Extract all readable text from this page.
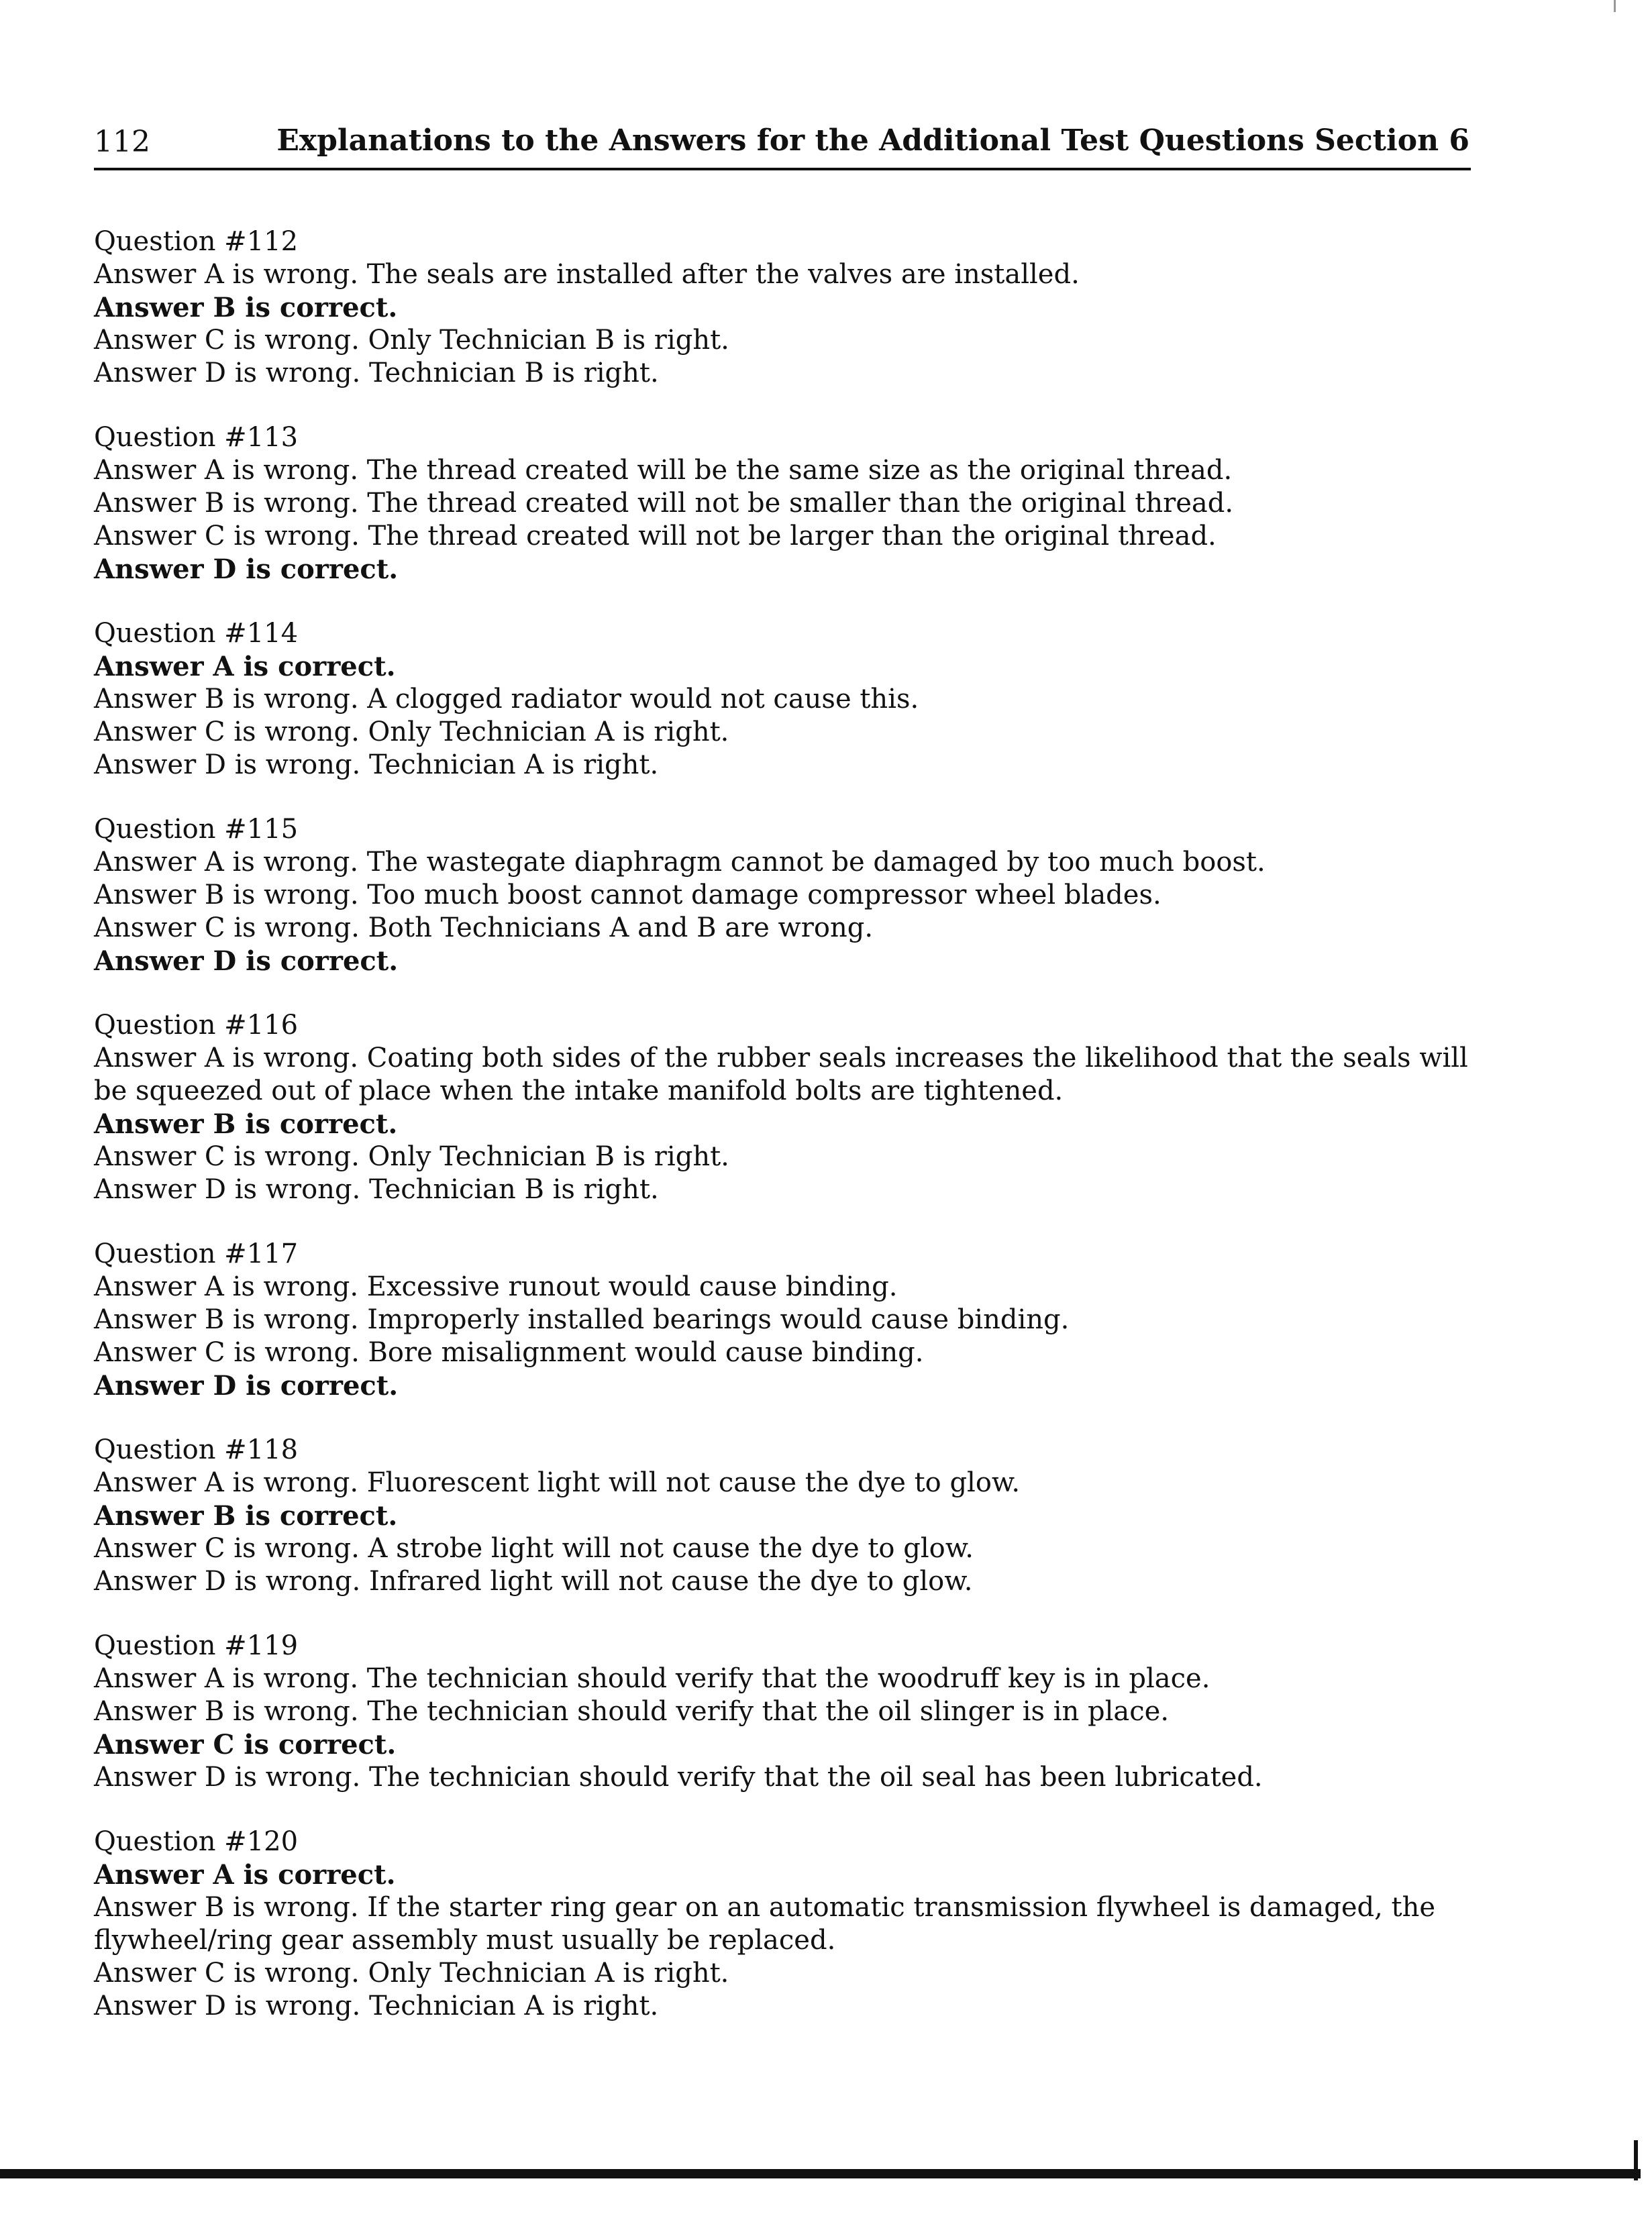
112	Explanations to the Answers for the Additional Test Questions Section 6

Question #112

Answer A is wrong. The seals are installed after the valves are installed.

Answer B is correct.

Answer C is wrong. Only Technician B is right.

Answer D is wrong. Technician B is right.

Question #113

Answer A is wrong. The thread created will be the same size as the original thread.

Answer B is wrong. The thread created will not be smaller than the original thread.

Answer C is wrong. The thread created will not be larger than the original thread.

Answer D is correct.

Question #114

Answer A is correct.

Answer B is wrong. A clogged radiator would not cause this.

Answer C is wrong. Only Technician A is right.

Answer D is wrong. Technician A is right.

Question #115

Answer A is wrong. The wastegate diaphragm cannot be damaged by too much boost.

Answer B is wrong. Too much boost cannot damage compressor wheel blades.

Answer C is wrong. Both Technicians A and B are wrong.

Answer D is correct.

Question #116

Answer A is wrong. Coating both sides of the rubber seals increases the likelihood that the seals will be squeezed out of place when the intake manifold bolts are tightened.

Answer B is correct.

Answer C is wrong. Only Technician B is right.

Answer D is wrong. Technician B is right.

Question #117

Answer A is wrong. Excessive runout would cause binding.

Answer B is wrong. Improperly installed bearings would cause binding.

Answer C is wrong. Bore misalignment would cause binding.

Answer D is correct.

Question #118

Answer A is wrong. Fluorescent light will not cause the dye to glow.

Answer B is correct.

Answer C is wrong. A strobe light will not cause the dye to glow.

Answer D is wrong. Infrared light will not cause the dye to glow.

Question #119

Answer A is wrong. The technician should verify that the woodruff key is in place.

Answer B is wrong. The technician should verify that the oil slinger is in place.

Answer C is correct.

Answer D is wrong. The technician should verify that the oil seal has been lubricated.

Question #120

Answer A is correct.

Answer B is wrong. If the starter ring gear on an automatic transmission flywheel is damaged, the flywheel/ring gear assembly must usually be replaced.

Answer C is wrong. Only Technician A is right.

Answer D is wrong. Technician A is right.
